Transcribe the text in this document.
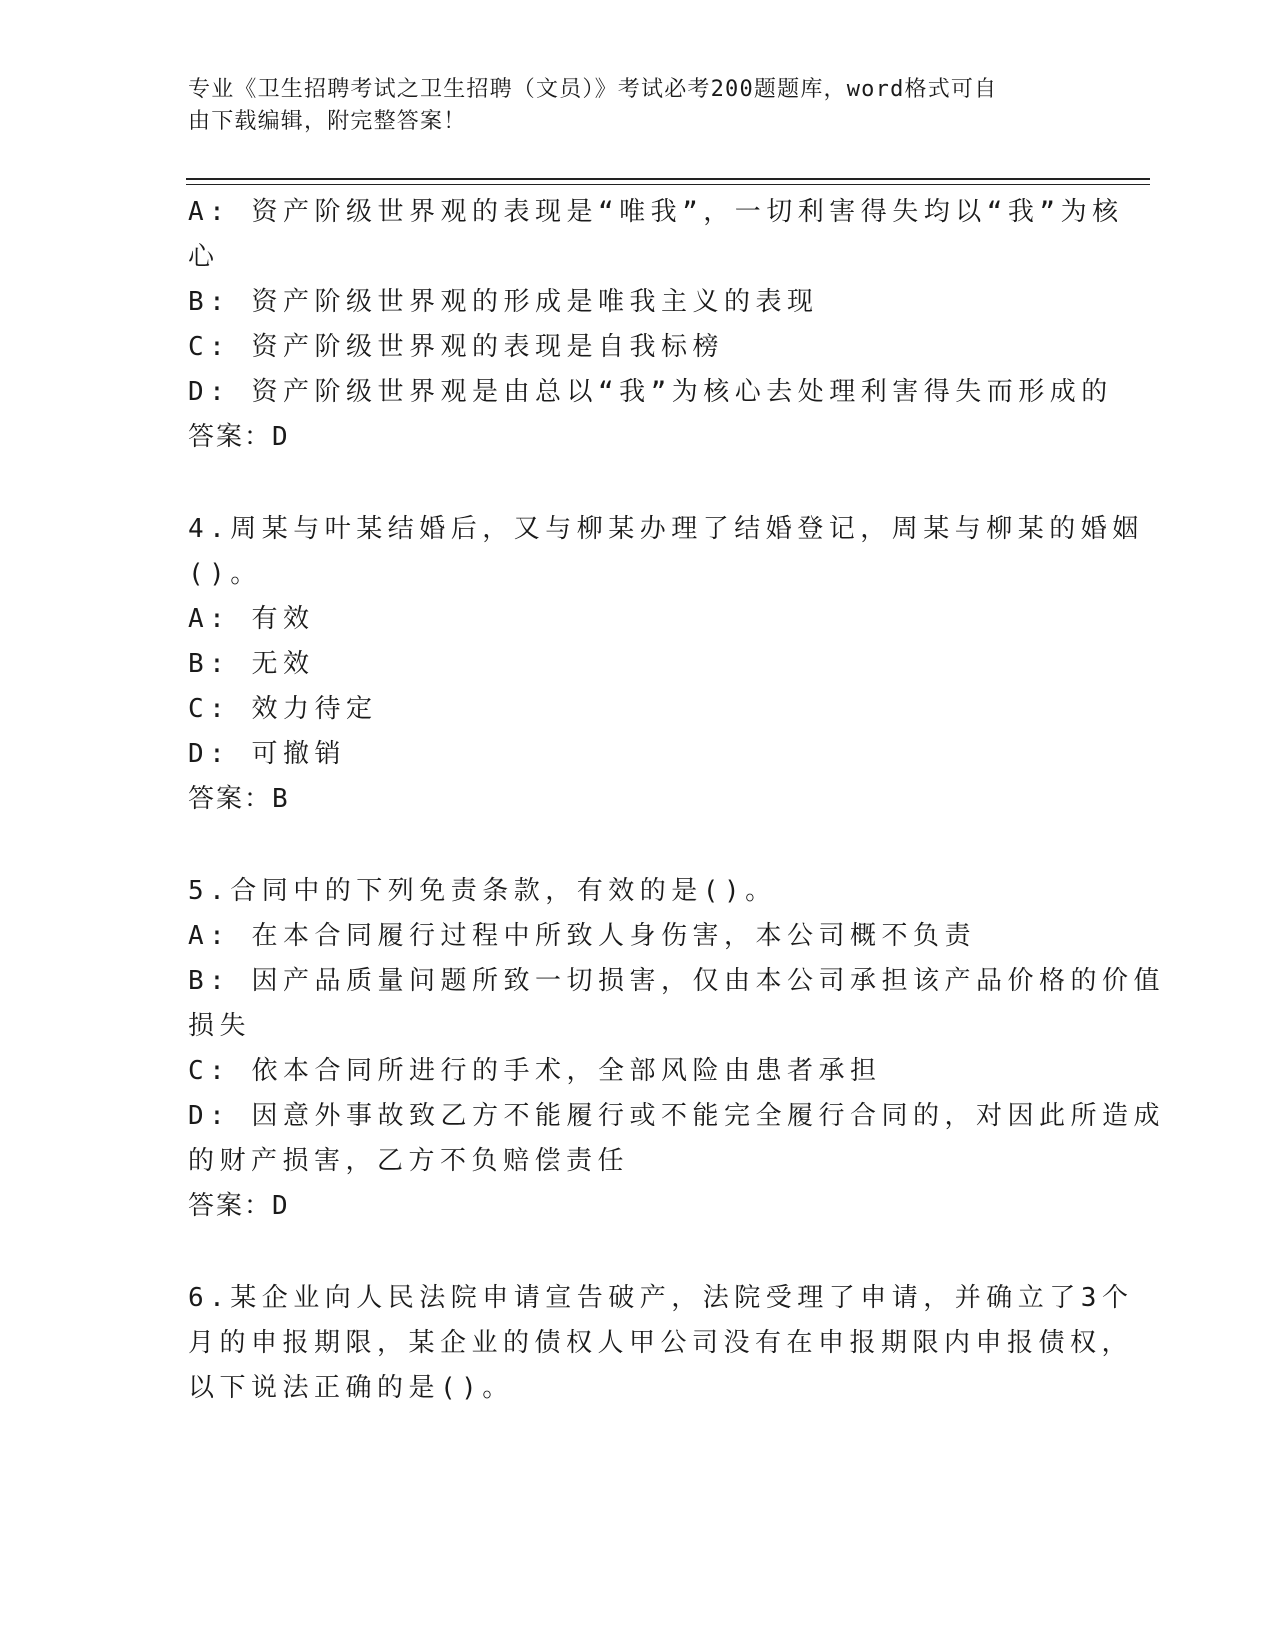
专业《卫生招聘考试之卫生招聘（文员）》考试必考200题题库，word格式可自
由下载编辑，附完整答案！
A: 资产阶级世界观的表现是“唯我”，一切利害得失均以“我”为核
心
B: 资产阶级世界观的形成是唯我主义的表现
C: 资产阶级世界观的表现是自我标榜
D: 资产阶级世界观是由总以“我”为核心去处理利害得失而形成的
答案：D
4.周某与叶某结婚后，又与柳某办理了结婚登记，周某与柳某的婚姻
()。
A: 有效
B: 无效
C: 效力待定
D: 可撤销
答案：B
5.合同中的下列免责条款，有效的是()。
A: 在本合同履行过程中所致人身伤害，本公司概不负责
B: 因产品质量问题所致一切损害，仅由本公司承担该产品价格的价值
损失
C: 依本合同所进行的手术，全部风险由患者承担
D: 因意外事故致乙方不能履行或不能完全履行合同的，对因此所造成
的财产损害，乙方不负赔偿责任
答案：D
6.某企业向人民法院申请宣告破产，法院受理了申请，并确立了3个
月的申报期限，某企业的债权人甲公司没有在申报期限内申报债权，
以下说法正确的是()。
